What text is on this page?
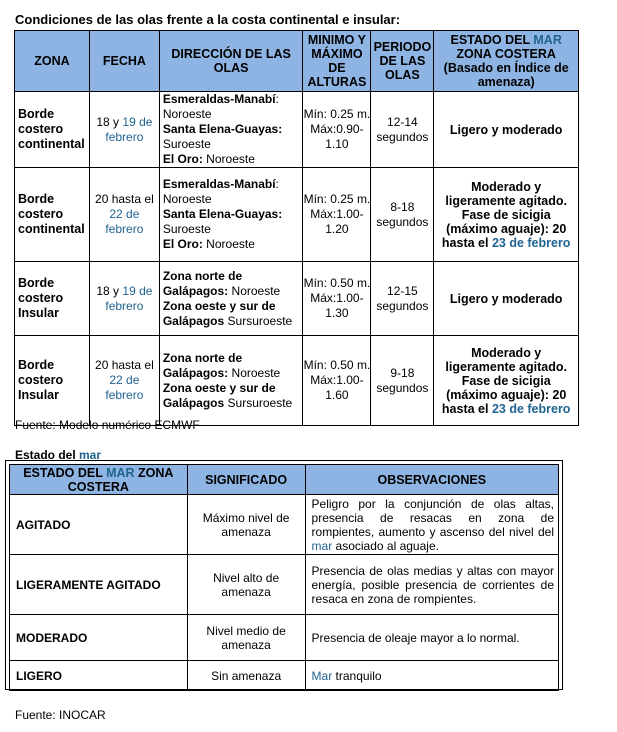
Condiciones de las olas frente a la costa continental e insular:
ZONA	FECHA	DIRECCIÓN DE LAS OLAS	MINIMO Y MÁXIMO DE ALTURAS	PERIODO DE LAS OLAS	ESTADO DEL MAR ZONA COSTERA (Basado en Índice de amenaza)
Borde costero continental	18 y 19 de febrero	Esmeraldas-Manabí: Noroeste
Santa Elena-Guayas: Suroeste
El Oro: Noroeste	Mín: 0.25 m. Máx:0.90-1.10	12-14 segundos	Ligero y moderado
Borde costero continental	20 hasta el 22 de febrero	Esmeraldas-Manabí: Noroeste
Santa Elena-Guayas: Suroeste
El Oro: Noroeste	Mín: 0.25 m. Máx:1.00-1.20	8-18 segundos	Moderado y ligeramente agitado. Fase de sicigia (máximo aguaje): 20 hasta el 23 de febrero
Borde costero Insular	18 y 19 de febrero	Zona norte de Galápagos: Noroeste
Zona oeste y sur de Galápagos Sursuroeste	Mín: 0.50 m. Máx:1.00-1.30	12-15 segundos	Ligero y moderado
Borde costero Insular	20 hasta el 22 de febrero	Zona norte de Galápagos: Noroeste
Zona oeste y sur de Galápagos Sursuroeste	Mín: 0.50 m. Máx:1.00-1.60	9-18 segundos	Moderado y ligeramente agitado. Fase de sicigia (máximo aguaje): 20 hasta el 23 de febrero
Fuente: Modelo numérico ECMWF
Estado del mar
ESTADO DEL MAR ZONA COSTERA	SIGNIFICADO	OBSERVACIONES
AGITADO	Máximo nivel de amenaza	Peligro por la conjunción de olas altas, presencia de resacas en zona de rompientes, aumento y ascenso del nivel del mar asociado al aguaje.
LIGERAMENTE AGITADO	Nivel alto de amenaza	Presencia de olas medias y altas con mayor energía, posible presencia de corrientes de resaca en zona de rompientes.
MODERADO	Nivel medio de amenaza	Presencia de oleaje mayor a lo normal.
LIGERO	Sin amenaza	Mar tranquilo
Fuente: INOCAR
